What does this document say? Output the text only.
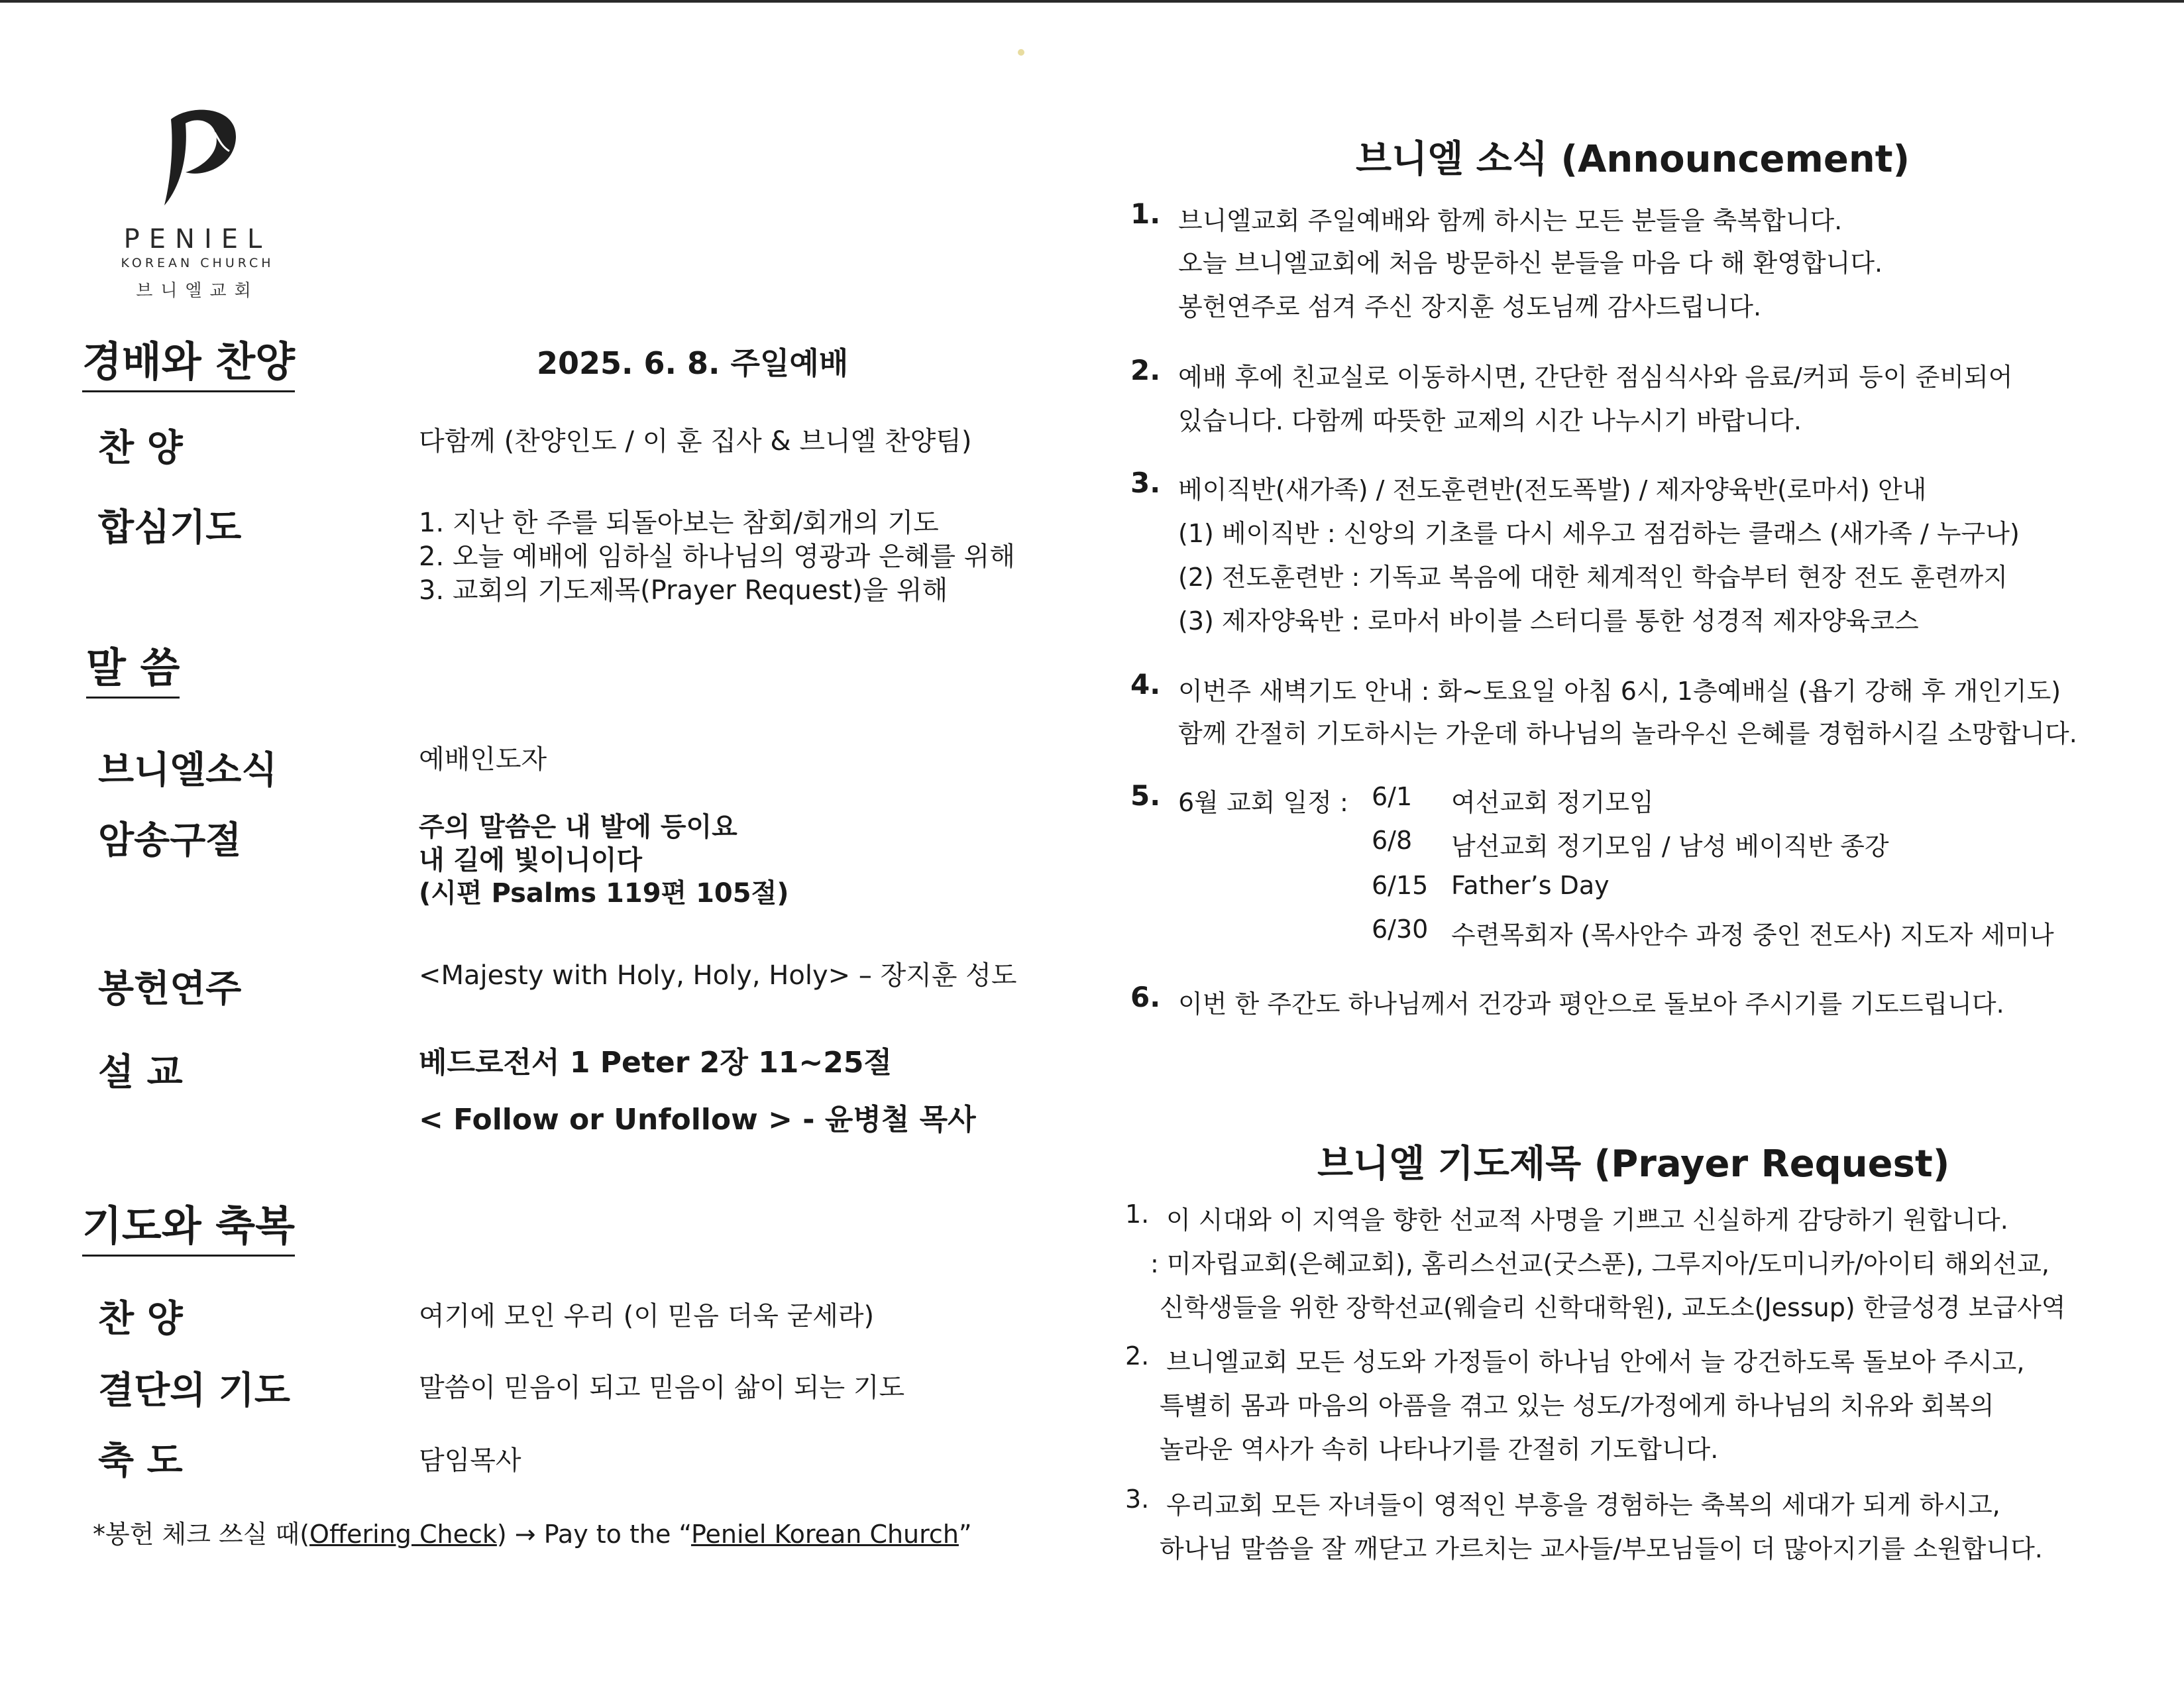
PENIEL
KOREAN CHURCH
브니엘교회
경배와 찬양	2025. 6. 8. 주일예배
찬 양	다함께 (찬양인도 / 이 훈 집사 & 브니엘 찬양팀)
합심기도	1. 지난 한 주를 되돌아보는 참회/회개의 기도
2. 오늘 예배에 임하실 하나님의 영광과 은혜를 위해
3. 교회의 기도제목(Prayer Request)을 위해
말 씀
브니엘소식	예배인도자
암송구절	주의 말씀은 내 발에 등이요
내 길에 빛이니이다
(시편 Psalms 119편 105절)
봉헌연주	<Majesty with Holy, Holy, Holy> – 장지훈 성도
설 교	베드로전서 1 Peter 2장 11~25절
< Follow or Unfollow > - 윤병철 목사
기도와 축복
찬 양	여기에 모인 우리 (이 믿음 더욱 굳세라)
결단의 기도	말씀이 믿음이 되고 믿음이 삶이 되는 기도
축 도	담임목사
*봉헌 체크 쓰실 때(Offering Check) → Pay to the “Peniel Korean Church”
브니엘 소식 (Announcement)
1. 브니엘교회 주일예배와 함께 하시는 모든 분들을 축복합니다.
오늘 브니엘교회에 처음 방문하신 분들을 마음 다 해 환영합니다.
봉헌연주로 섬겨 주신 장지훈 성도님께 감사드립니다.
2. 예배 후에 친교실로 이동하시면, 간단한 점심식사와 음료/커피 등이 준비되어
있습니다. 다함께 따뜻한 교제의 시간 나누시기 바랍니다.
3. 베이직반(새가족) / 전도훈련반(전도폭발) / 제자양육반(로마서) 안내
(1) 베이직반 : 신앙의 기초를 다시 세우고 점검하는 클래스 (새가족 / 누구나)
(2) 전도훈련반 : 기독교 복음에 대한 체계적인 학습부터 현장 전도 훈련까지
(3) 제자양육반 : 로마서 바이블 스터디를 통한 성경적 제자양육코스
4. 이번주 새벽기도 안내 : 화~토요일 아침 6시, 1층예배실 (욥기 강해 후 개인기도)
함께 간절히 기도하시는 가운데 하나님의 놀라우신 은혜를 경험하시길 소망합니다.
5. 6월 교회 일정 : 6/1 여선교회 정기모임
6/8 남선교회 정기모임 / 남성 베이직반 종강
6/15 Father’s Day
6/30 수련목회자 (목사안수 과정 중인 전도사) 지도자 세미나
6. 이번 한 주간도 하나님께서 건강과 평안으로 돌보아 주시기를 기도드립니다.
브니엘 기도제목 (Prayer Request)
1. 이 시대와 이 지역을 향한 선교적 사명을 기쁘고 신실하게 감당하기 원합니다.
: 미자립교회(은혜교회), 홈리스선교(굿스푼), 그루지아/도미니카/아이티 해외선교,
신학생들을 위한 장학선교(웨슬리 신학대학원), 교도소(Jessup) 한글성경 보급사역
2. 브니엘교회 모든 성도와 가정들이 하나님 안에서 늘 강건하도록 돌보아 주시고,
특별히 몸과 마음의 아픔을 겪고 있는 성도/가정에게 하나님의 치유와 회복의
놀라운 역사가 속히 나타나기를 간절히 기도합니다.
3. 우리교회 모든 자녀들이 영적인 부흥을 경험하는 축복의 세대가 되게 하시고,
하나님 말씀을 잘 깨닫고 가르치는 교사들/부모님들이 더 많아지기를 소원합니다.
